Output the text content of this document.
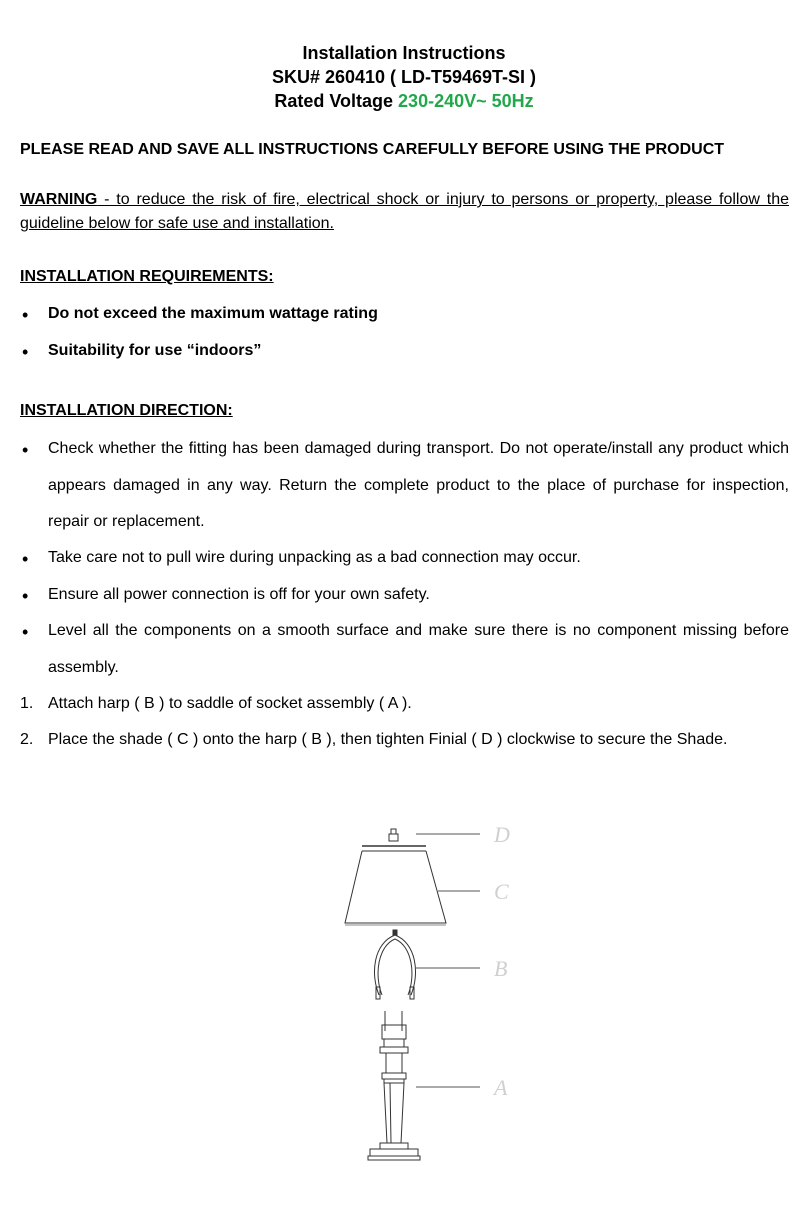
Installation Instructions
SKU# 260410 ( LD-T59469T-SI )
Rated Voltage 230-240V~ 50Hz
PLEASE READ AND SAVE ALL INSTRUCTIONS CAREFULLY BEFORE USING THE PRODUCT
WARNING - to reduce the risk of fire, electrical shock or injury to persons or property, please follow the guideline below for safe use and installation.
INSTALLATION REQUIREMENTS:
•	Do not exceed the maximum wattage rating
•	Suitability for use “indoors”
INSTALLATION DIRECTION:
•	Check whether the fitting has been damaged during transport. Do not operate/install any product which appears damaged in any way. Return the complete product to the place of purchase for inspection, repair or replacement.
•	Take care not to pull wire during unpacking as a bad connection may occur.
•	Ensure all power connection is off for your own safety.
•	Level all the components on a smooth surface and make sure there is no component missing before assembly.
1. Attach harp ( B ) to saddle of socket assembly ( A ).
2. Place the shade ( C ) onto the harp ( B ), then tighten Finial ( D ) clockwise to secure the Shade.
D
C
B
A
